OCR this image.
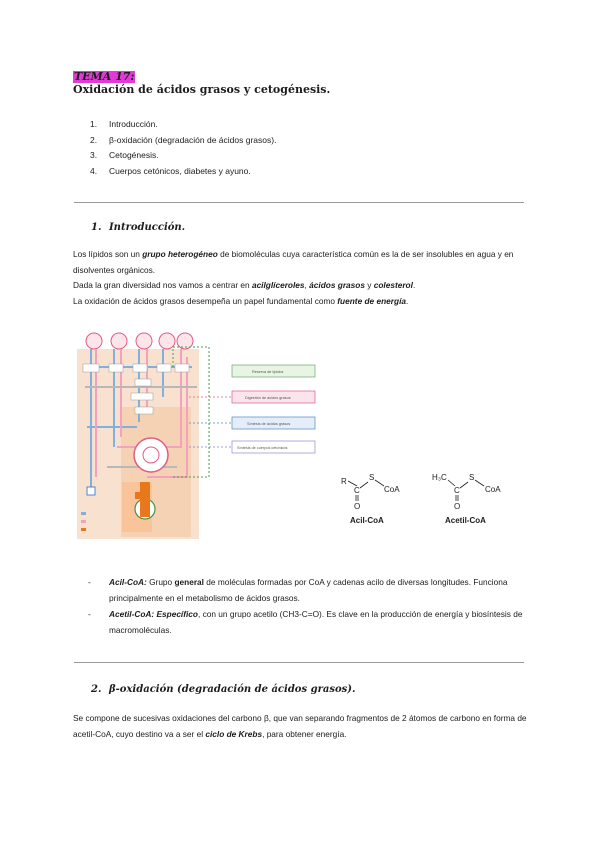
TEMA 17:
Oxidación de ácidos grasos y cetogénesis.
1. Introducción.
2. β-oxidación (degradación de ácidos grasos).
3. Cetogénesis.
4. Cuerpos cetónicos, diabetes y ayuno.
1. Introducción.
Los lípidos son un grupo heterogéneo de biomoléculas cuya característica común es la de ser insolubles en agua y en disolventes orgánicos.
Dada la gran diversidad nos vamos a centrar en acilglíceroles, ácidos grasos y colesterol.
La oxidación de ácidos grasos desempeña un papel fundamental como fuente de energía.
Reserva de lípidos
Digestión de ácidos grasos
Síntesis de ácidos grasos
Síntesis de cuerpos cetónicos
R
C
S
CoA
O
Acil-CoA
H₃C
C
S
CoA
O
Acetil-CoA
- Acil-CoA: Grupo general de moléculas formadas por CoA y cadenas acilo de diversas longitudes. Funciona principalmente en el metabolismo de ácidos grasos.
- Acetil-CoA: Específico, con un grupo acetilo (CH3-C=O). Es clave en la producción de energía y biosíntesis de macromoléculas.
2. β-oxidación (degradación de ácidos grasos).
Se compone de sucesivas oxidaciones del carbono β, que van separando fragmentos de 2 átomos de carbono en forma de acetil-CoA, cuyo destino va a ser el ciclo de Krebs, para obtener energía.
